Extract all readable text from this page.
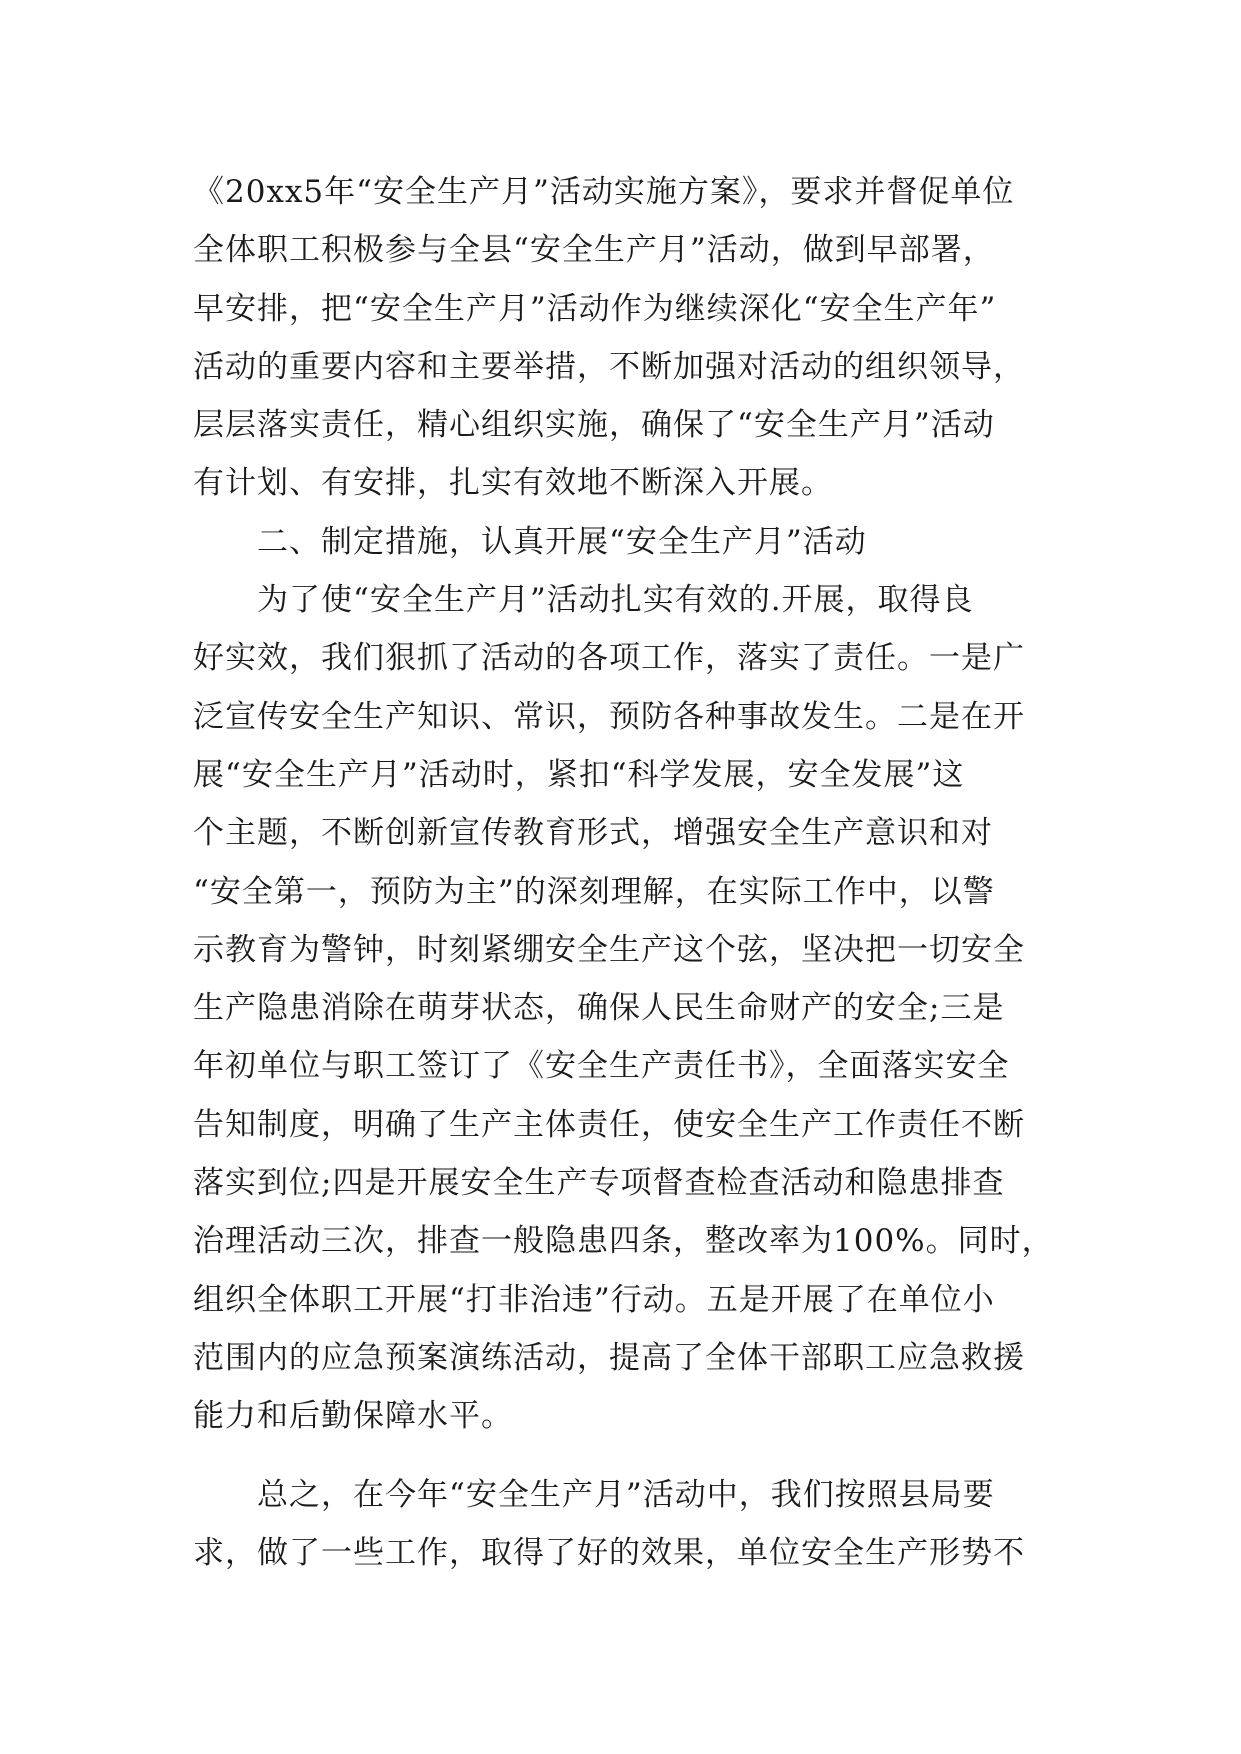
《20xx5年“安全生产月”活动实施方案》，要求并督促单位
全体职工积极参与全县“安全生产月”活动，做到早部署，
早安排，把“安全生产月”活动作为继续深化“安全生产年”
活动的重要内容和主要举措，不断加强对活动的组织领导，
层层落实责任，精心组织实施，确保了“安全生产月”活动
有计划、有安排，扎实有效地不断深入开展。
　　二、制定措施，认真开展“安全生产月”活动
　　为了使“安全生产月”活动扎实有效的.开展，取得良
好实效，我们狠抓了活动的各项工作，落实了责任。一是广
泛宣传安全生产知识、常识，预防各种事故发生。二是在开
展“安全生产月”活动时，紧扣“科学发展，安全发展”这
个主题，不断创新宣传教育形式，增强安全生产意识和对
“安全第一，预防为主”的深刻理解，在实际工作中，以警
示教育为警钟，时刻紧绷安全生产这个弦，坚决把一切安全
生产隐患消除在萌芽状态，确保人民生命财产的安全;三是
年初单位与职工签订了《安全生产责任书》，全面落实安全
告知制度，明确了生产主体责任，使安全生产工作责任不断
落实到位;四是开展安全生产专项督查检查活动和隐患排查
治理活动三次，排查一般隐患四条，整改率为100%。同时，
组织全体职工开展“打非治违”行动。五是开展了在单位小
范围内的应急预案演练活动，提高了全体干部职工应急救援
能力和后勤保障水平。
　　总之，在今年“安全生产月”活动中，我们按照县局要
求，做了一些工作，取得了好的效果，单位安全生产形势不
